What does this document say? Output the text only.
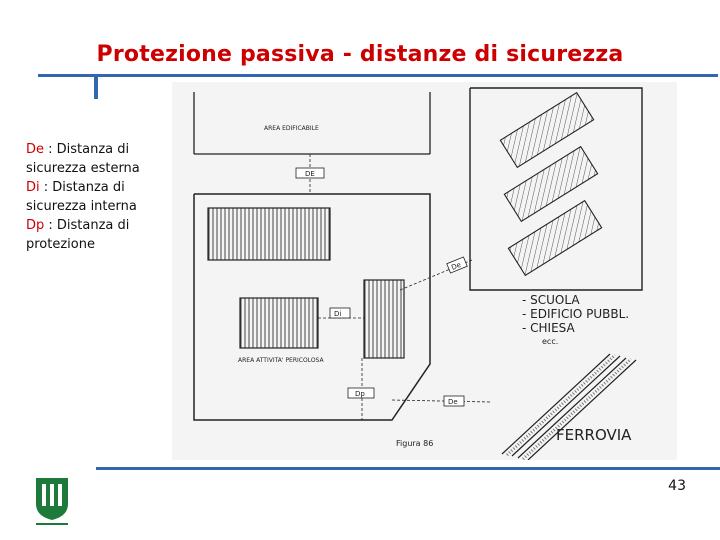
Protezione passiva - distanze di sicurezza
De : Distanza di sicurezza esterna
Di : Distanza di sicurezza interna
Dp : Distanza di protezione
AREA EDIFICABILE
DE
AREA ATTIVITA' PERICOLOSA
Di
Dp
De
- SCUOLA
- EDIFICIO PUBBL.
- CHIESA
ecc.
FERROVIA
De
Figura 86
43
